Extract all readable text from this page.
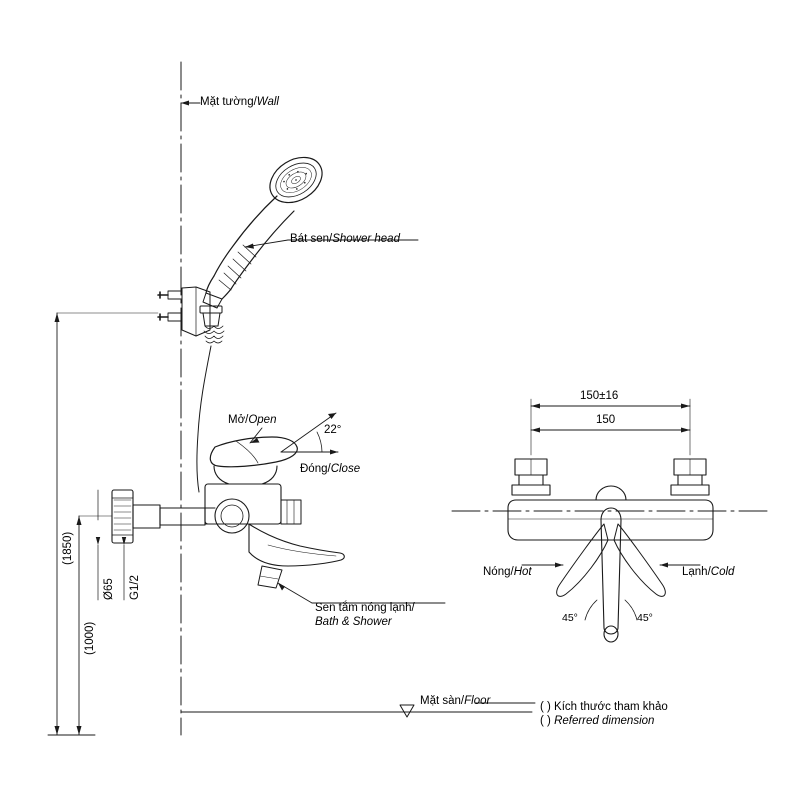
Mặt tường/Wall
Bát sen/Shower head
Mở/Open
Đóng/Close
22°
Sen tắm nóng lạnh/
Bath & Shower
Mặt sàn/Floor
(1850)
(1000)
Ø65 G1/2
150±16
150
Nóng/Hot	Lạnh/Cold
45°	45°
( ) Kích thước tham khảo
( ) Referred dimension
